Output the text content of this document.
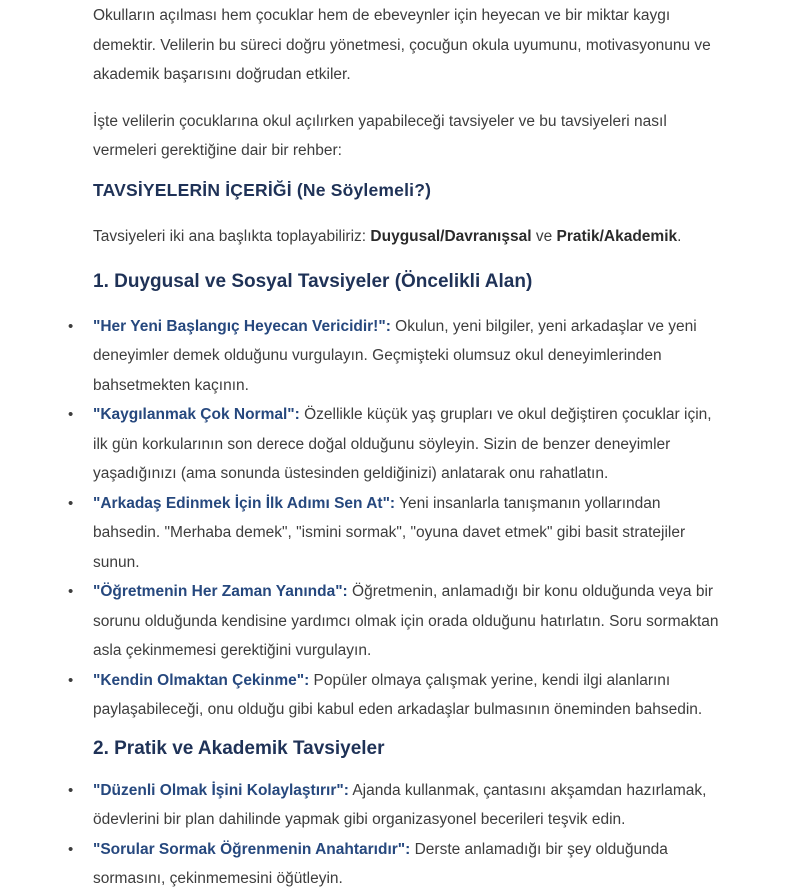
Okulların açılması hem çocuklar hem de ebeveynler için heyecan ve bir miktar kaygı demektir. Velilerin bu süreci doğru yönetmesi, çocuğun okula uyumunu, motivasyonunu ve akademik başarısını doğrudan etkiler.

İşte velilerin çocuklarına okul açılırken yapabileceği tavsiyeler ve bu tavsiyeleri nasıl vermeleri gerektiğine dair bir rehber:

TAVSİYELERİN İÇERİĞİ (Ne Söylemeli?)

Tavsiyeleri iki ana başlıkta toplayabiliriz: Duygusal/Davranışsal ve Pratik/Akademik.

1. Duygusal ve Sosyal Tavsiyeler (Öncelikli Alan)
• "Her Yeni Başlangıç Heyecan Vericidir!": Okulun, yeni bilgiler, yeni arkadaşlar ve yeni deneyimler demek olduğunu vurgulayın. Geçmişteki olumsuz okul deneyimlerinden bahsetmekten kaçının.
• "Kaygılanmak Çok Normal": Özellikle küçük yaş grupları ve okul değiştiren çocuklar için, ilk gün korkularının son derece doğal olduğunu söyleyin. Sizin de benzer deneyimler yaşadığınızı (ama sonunda üstesinden geldiğinizi) anlatarak onu rahatlatın.
• "Arkadaş Edinmek İçin İlk Adımı Sen At": Yeni insanlarla tanışmanın yollarından bahsedin. "Merhaba demek", "ismini sormak", "oyuna davet etmek" gibi basit stratejiler sunun.
• "Öğretmenin Her Zaman Yanında": Öğretmenin, anlamadığı bir konu olduğunda veya bir sorunu olduğunda kendisine yardımcı olmak için orada olduğunu hatırlatın. Soru sormaktan asla çekinmemesi gerektiğini vurgulayın.
• "Kendin Olmaktan Çekinme": Popüler olmaya çalışmak yerine, kendi ilgi alanlarını paylaşabileceği, onu olduğu gibi kabul eden arkadaşlar bulmasının öneminden bahsedin.
2. Pratik ve Akademik Tavsiyeler
• "Düzenli Olmak İşini Kolaylaştırır": Ajanda kullanmak, çantasını akşamdan hazırlamak, ödevlerini bir plan dahilinde yapmak gibi organizasyonel becerileri teşvik edin.
• "Sorular Sormak Öğrenmenin Anahtarıdır": Derste anlamadığı bir şey olduğunda sormasını, çekinmemesini öğütleyin.
